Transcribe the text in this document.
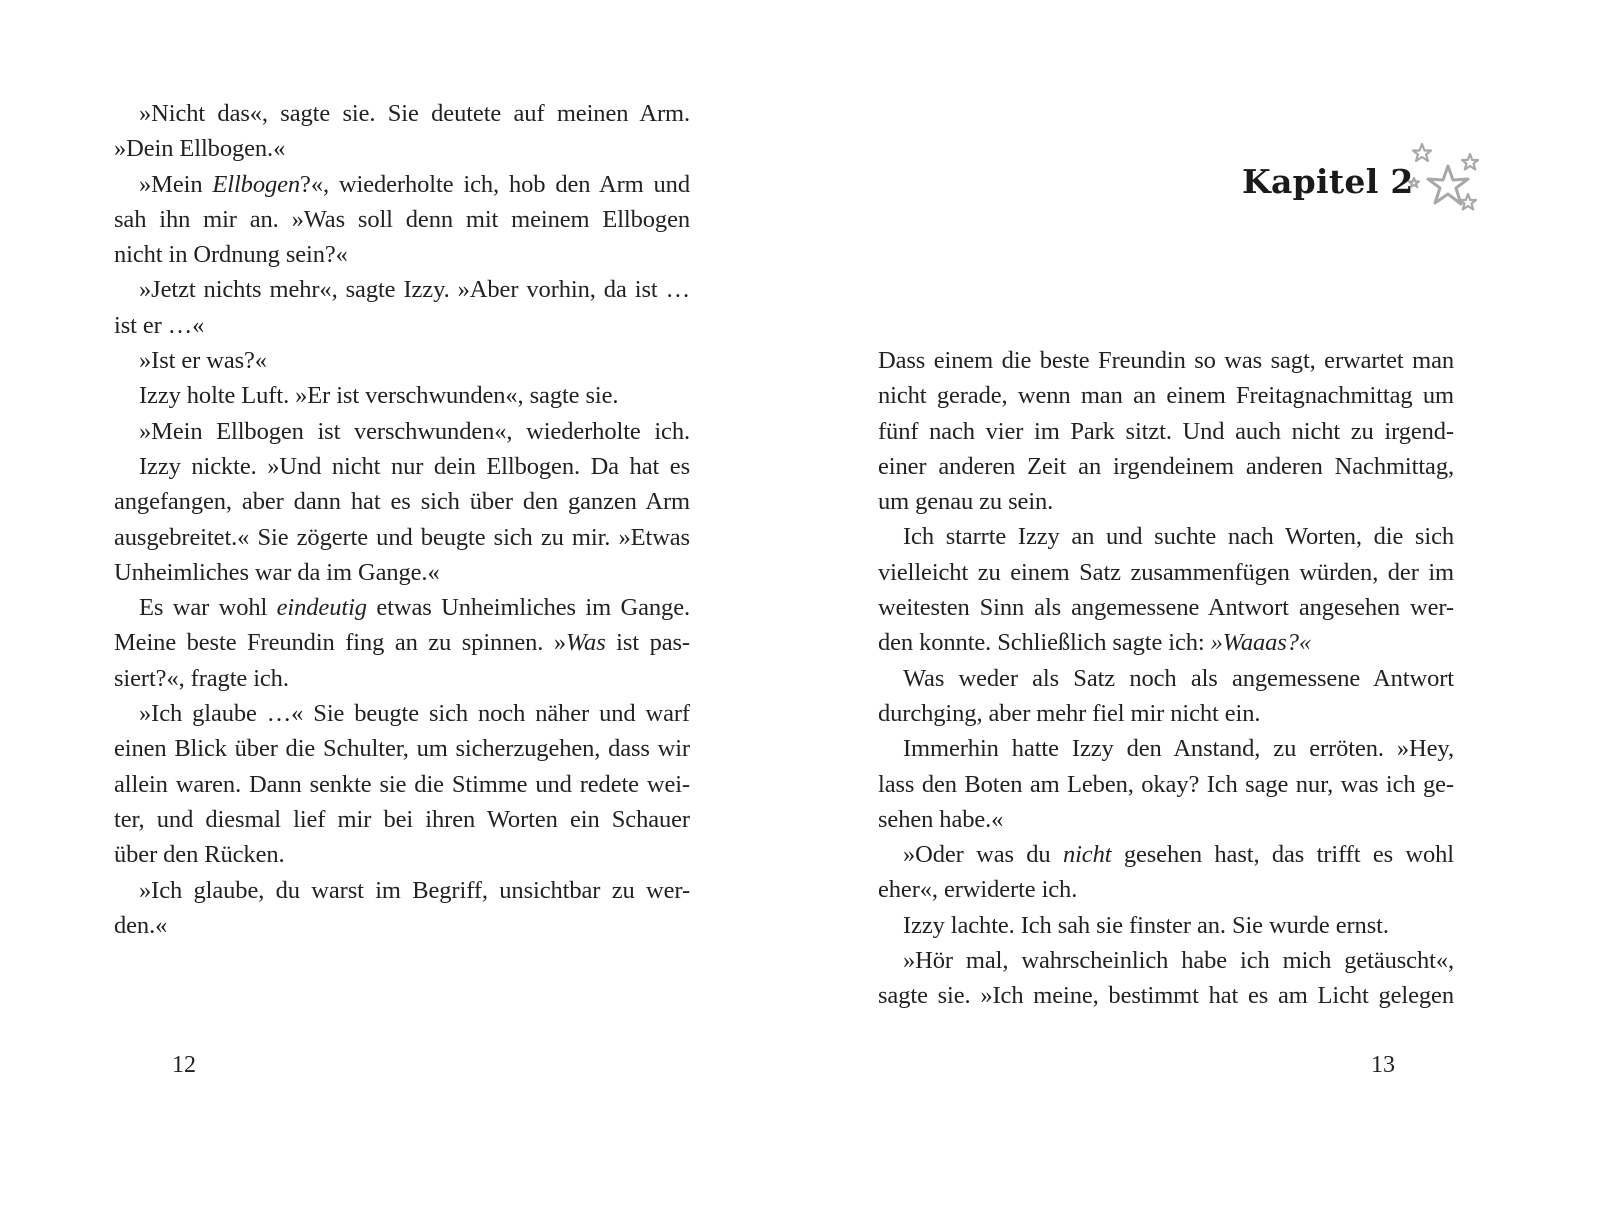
»Nicht das«, sagte sie. Sie deutete auf meinen Arm.
»Dein Ellbogen.«
»Mein Ellbogen?«, wiederholte ich, hob den Arm und
sah ihn mir an. »Was soll denn mit meinem Ellbogen
nicht in Ordnung sein?«
»Jetzt nichts mehr«, sagte Izzy. »Aber vorhin, da ist …
ist er …«
»Ist er was?«
Izzy holte Luft. »Er ist verschwunden«, sagte sie.
»Mein Ellbogen ist verschwunden«, wiederholte ich.
Izzy nickte. »Und nicht nur dein Ellbogen. Da hat es
angefangen, aber dann hat es sich über den ganzen Arm
ausgebreitet.« Sie zögerte und beugte sich zu mir. »Etwas
Unheimliches war da im Gange.«
Es war wohl eindeutig etwas Unheimliches im Gange.
Meine beste Freundin fing an zu spinnen. »Was ist pas-
siert?«, fragte ich.
»Ich glaube …« Sie beugte sich noch näher und warf
einen Blick über die Schulter, um sicherzugehen, dass wir
allein waren. Dann senkte sie die Stimme und redete wei-
ter, und diesmal lief mir bei ihren Worten ein Schauer
über den Rücken.
»Ich glaube, du warst im Begriff, unsichtbar zu wer-
den.«
12
Kapitel 2
Dass einem die beste Freundin so was sagt, erwartet man
nicht gerade, wenn man an einem Freitagnachmittag um
fünf nach vier im Park sitzt. Und auch nicht zu irgend-
einer anderen Zeit an irgendeinem anderen Nachmittag,
um genau zu sein.
Ich starrte Izzy an und suchte nach Worten, die sich
vielleicht zu einem Satz zusammenfügen würden, der im
weitesten Sinn als angemessene Antwort angesehen wer-
den konnte. Schließlich sagte ich: »Waaas?«
Was weder als Satz noch als angemessene Antwort
durchging, aber mehr fiel mir nicht ein.
Immerhin hatte Izzy den Anstand, zu erröten. »Hey,
lass den Boten am Leben, okay? Ich sage nur, was ich ge-
sehen habe.«
»Oder was du nicht gesehen hast, das trifft es wohl
eher«, erwiderte ich.
Izzy lachte. Ich sah sie finster an. Sie wurde ernst.
»Hör mal, wahrscheinlich habe ich mich getäuscht«,
sagte sie. »Ich meine, bestimmt hat es am Licht gelegen
13
